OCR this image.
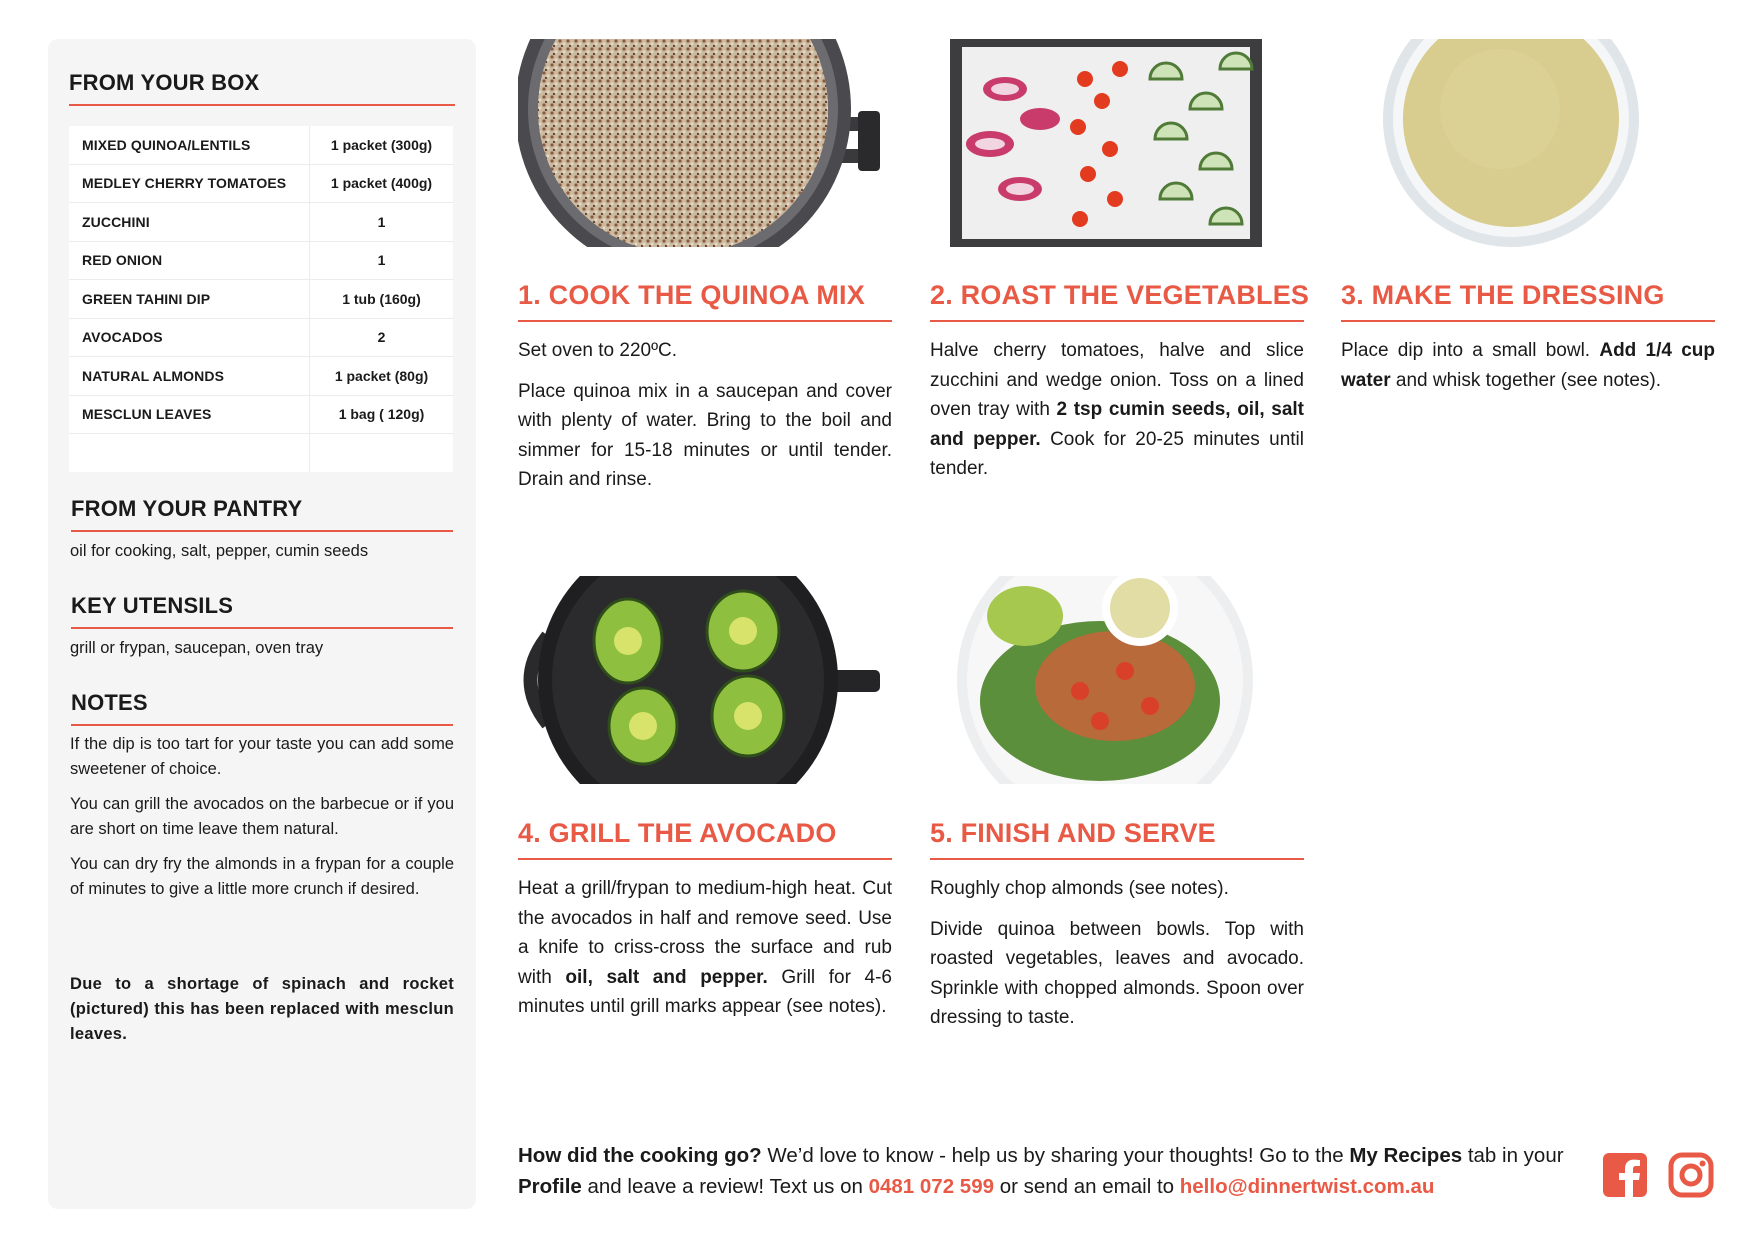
FROM YOUR BOX
MIXED QUINOA/LENTILS	1 packet (300g)
MEDLEY CHERRY TOMATOES	1 packet (400g)
ZUCCHINI	1
RED ONION	1
GREEN TAHINI DIP	1 tub (160g)
AVOCADOS	2
NATURAL ALMONDS	1 packet (80g)
MESCLUN LEAVES	1 bag ( 120g)
FROM YOUR PANTRY
oil for cooking, salt, pepper, cumin seeds
KEY UTENSILS
grill or frypan, saucepan, oven tray
NOTES

If the dip is too tart for your taste you can add some sweetener of choice.

You can grill the avocados on the barbecue or if you are short on time leave them natural.

You can dry fry the almonds in a frypan for a couple of minutes to give a little more crunch if desired.

Due to a shortage of spinach and rocket (pictured) this has been replaced with mesclun leaves.
1. COOK THE QUINOA MIX

Set oven to 220ºC.

Place quinoa mix in a saucepan and cover with plenty of water. Bring to the boil and simmer for 15-18 minutes or until tender. Drain and rinse.

2. ROAST THE VEGETABLES

Halve cherry tomatoes, halve and slice zucchini and wedge onion. Toss on a lined oven tray with 2 tsp cumin seeds, oil, salt and pepper. Cook for 20-25 minutes until tender.

3. MAKE THE DRESSING

Place dip into a small bowl. Add 1/4 cup water and whisk together (see notes).

4. GRILL THE AVOCADO

Heat a grill/frypan to medium-high heat. Cut the avocados in half and remove seed. Use a knife to criss-cross the surface and rub with oil, salt and pepper. Grill for 4-6 minutes until grill marks appear (see notes).

5. FINISH AND SERVE

Roughly chop almonds (see notes).

Divide quinoa between bowls. Top with roasted vegetables, leaves and avocado. Sprinkle with chopped almonds. Spoon over dressing to taste.

How did the cooking go? We’d love to know - help us by sharing your thoughts! Go to the My Recipes tab in your Profile and leave a review! Text us on 0481 072 599 or send an email to hello@dinnertwist.com.au
